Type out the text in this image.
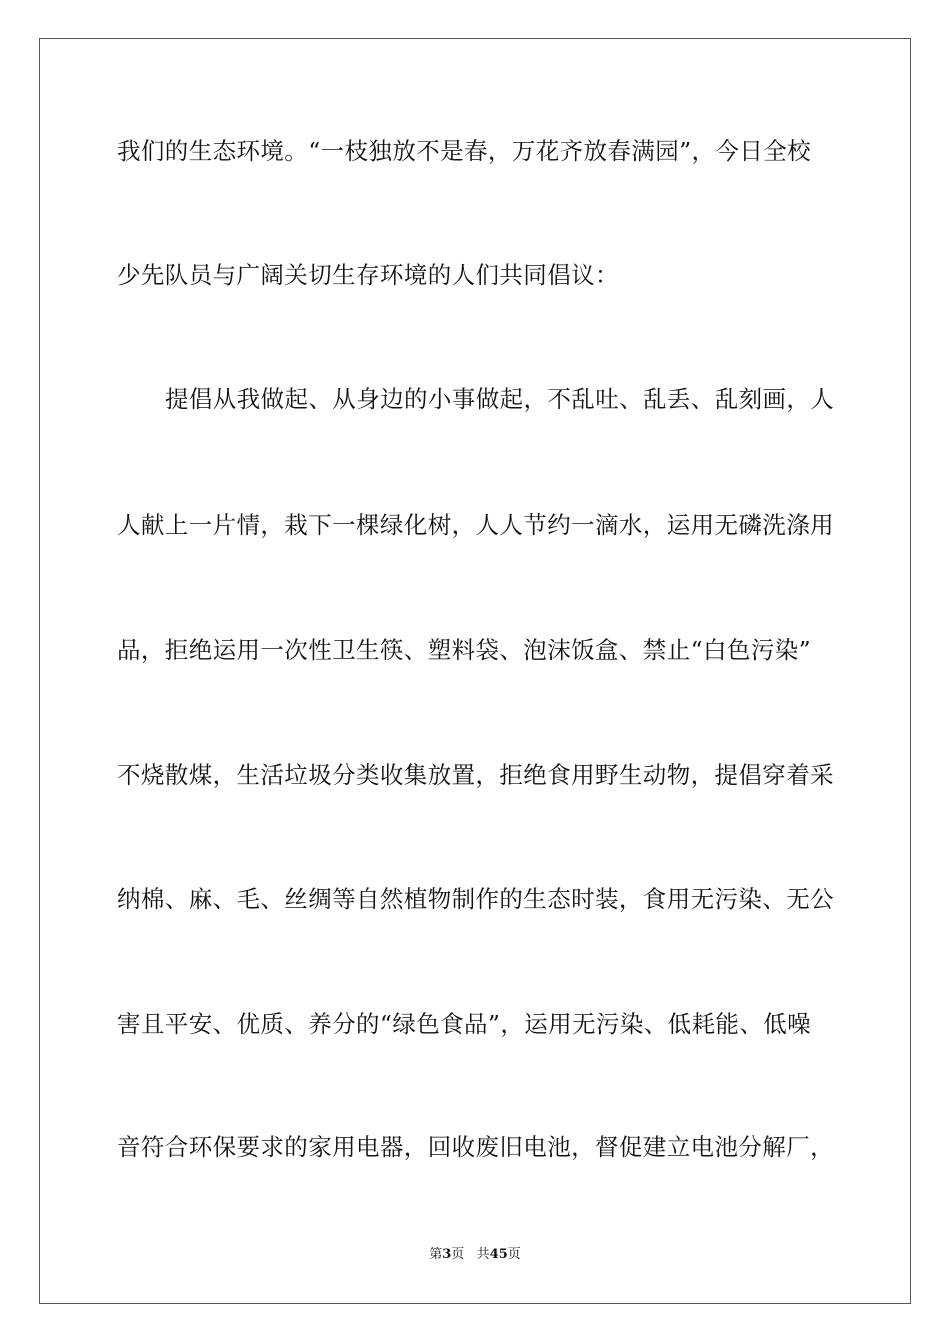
我们的生态环境。“一枝独放不是春，万花齐放春满园”，今日全校
少先队员与广阔关切生存环境的人们共同倡议：
提倡从我做起、从身边的小事做起，不乱吐、乱丢、乱刻画，人
人献上一片情，栽下一棵绿化树，人人节约一滴水，运用无磷洗涤用
品，拒绝运用一次性卫生筷、塑料袋、泡沫饭盒、禁止“白色污染”
不烧散煤，生活垃圾分类收集放置，拒绝食用野生动物，提倡穿着采
纳棉、麻、毛、丝绸等自然植物制作的生态时装，食用无污染、无公
害且平安、优质、养分的“绿色食品”，运用无污染、低耗能、低噪
音符合环保要求的家用电器，回收废旧电池，督促建立电池分解厂，
第3页 共45页
